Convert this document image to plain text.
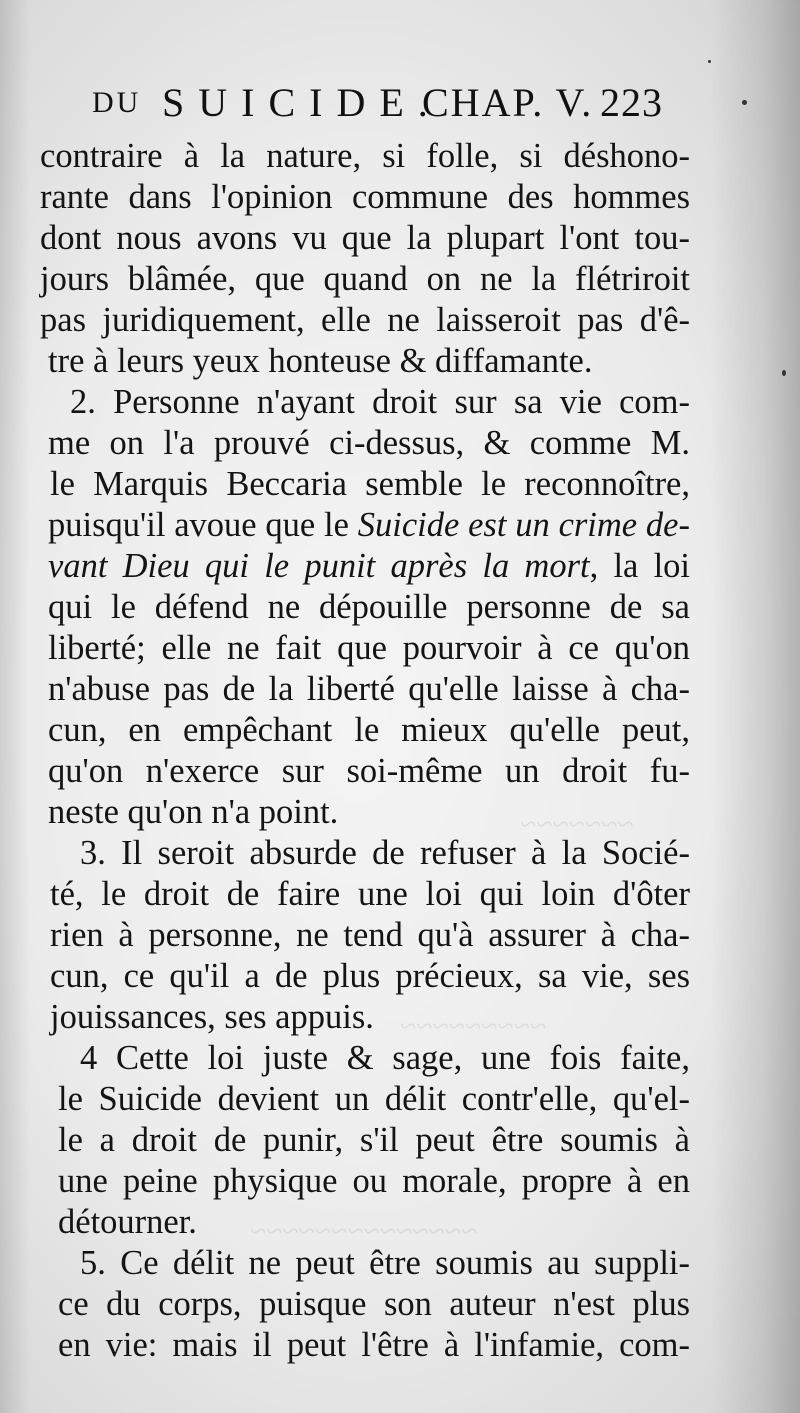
~~~~~~~
~~~~~~~~~
~~~~~~~~~~~~~~
DU SUICIDE.
CHAP. V. 223
contraire à la nature, si folle, si déshono-
rante dans l'opinion commune des hommes
dont nous avons vu que la plupart l'ont tou-
jours blâmée, que quand on ne la flétriroit
pas juridiquement, elle ne laisseroit pas d'ê-
tre à leurs yeux honteuse & diffamante.
2. Personne n'ayant droit sur sa vie com-
me on l'a prouvé ci-dessus, & comme M.
le Marquis Beccaria semble le reconnoître,
puisqu'il avoue que le Suicide est un crime de-
vant Dieu qui le punit après la mort, la loi
qui le défend ne dépouille personne de sa
liberté; elle ne fait que pourvoir à ce qu'on
n'abuse pas de la liberté qu'elle laisse à cha-
cun, en empêchant le mieux qu'elle peut,
qu'on n'exerce sur soi-même un droit fu-
neste qu'on n'a point.
3. Il seroit absurde de refuser à la Socié-
té, le droit de faire une loi qui loin d'ôter
rien à personne, ne tend qu'à assurer à cha-
cun, ce qu'il a de plus précieux, sa vie, ses
jouissances, ses appuis.
4 Cette loi juste & sage, une fois faite,
le Suicide devient un délit contr'elle, qu'el-
le a droit de punir, s'il peut être soumis à
une peine physique ou morale, propre à en
détourner.
5. Ce délit ne peut être soumis au suppli-
ce du corps, puisque son auteur n'est plus
en vie: mais il peut l'être à l'infamie, com-
